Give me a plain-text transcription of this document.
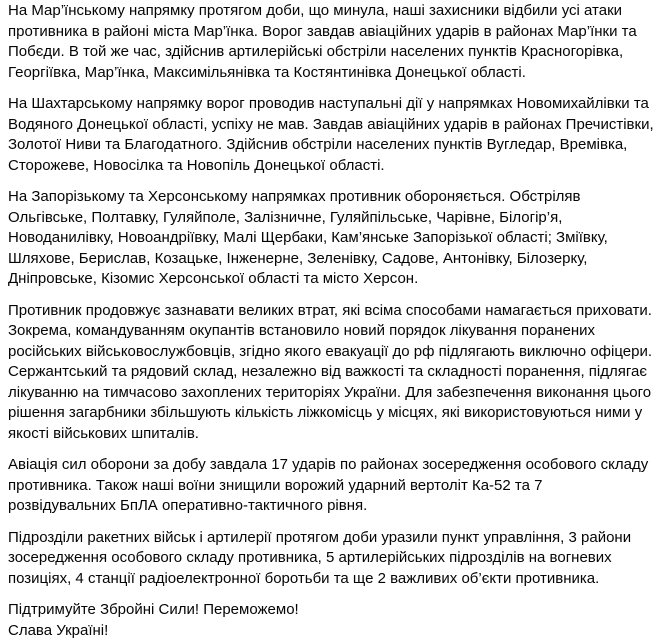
На Мар’їнському напрямку протягом доби, що минула, наші захисники відбили усі атаки
противника в районі міста Мар’їнка. Ворог завдав авіаційних ударів в районах Мар’їнки та
Побєди. В той же час, здійснив артилерійські обстріли населених пунктів Красногорівка,
Георгіївка, Мар’їнка, Максимільянівка та Костянтинівка Донецької області.
На Шахтарському напрямку ворог проводив наступальні дії у напрямках Новомихайлівки та
Водяного Донецької області, успіху не мав. Завдав авіаційних ударів в районах Пречистівки,
Золотої Ниви та Благодатного. Здійснив обстріли населених пунктів Вугледар, Времівка,
Сторожеве, Новосілка та Новопіль Донецької області.
На Запорізькому та Херсонському напрямках противник обороняється. Обстріляв
Ольгівське, Полтавку, Гуляйполе, Залізничне, Гуляйпільське, Чарівне, Білогір’я,
Новоданилівку, Новоандріївку, Малі Щербаки, Кам’янське Запорізької області; Зміївку,
Шляхове, Берислав, Козацьке, Інженерне, Зеленівку, Садове, Антонівку, Білозерку,
Дніпровське, Кізомис Херсонської області та місто Херсон.
Противник продовжує зазнавати великих втрат, які всіма способами намагається приховати.
Зокрема, командуванням окупантів встановило новий порядок лікування поранених
російських військовослужбовців, згідно якого евакуації до рф підлягають виключно офіцери.
Сержантський та рядовий склад, незалежно від важкості та складності поранення, підлягає
лікуванню на тимчасово захоплених територіях України. Для забезпечення виконання цього
рішення загарбники збільшують кількість ліжкомісць у місцях, які використовуються ними у
якості військових шпиталів.
Авіація сил оборони за добу завдала 17 ударів по районах зосередження особового складу
противника. Також наші воїни знищили ворожий ударний вертоліт Ка-52 та 7
розвідувальних БпЛА оперативно-тактичного рівня.
Підрозділи ракетних військ і артилерії протягом доби уразили пункт управління, 3 райони
зосередження особового складу противника, 5 артилерійських підрозділів на вогневих
позиціях, 4 станції радіоелектронної боротьби та ще 2 важливих об’єкти противника.
Підтримуйте Збройні Сили! Переможемо!
Слава Україні!
